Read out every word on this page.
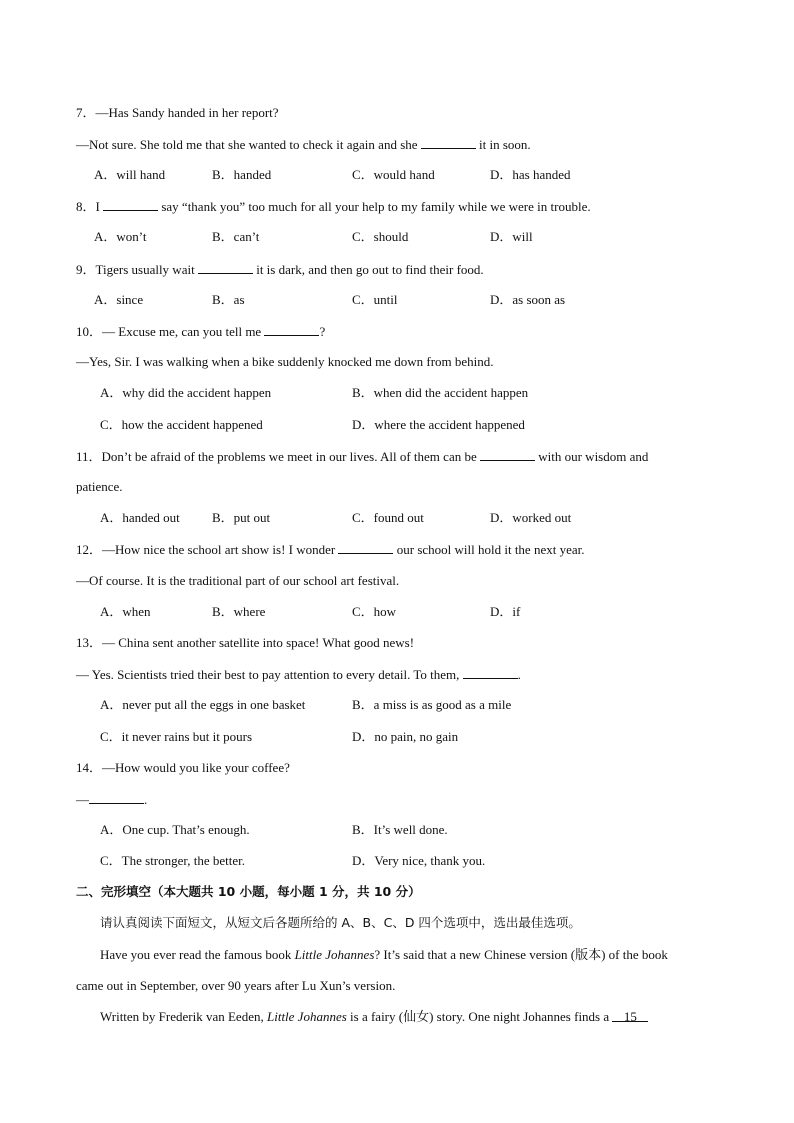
7．—Has Sandy handed in her report?
—Not sure. She told me that she wanted to check it again and she	it in soon.
A．will hand	B．handed	C．would hand	D．has handed
8．I	say “thank you” too much for all your help to my family while we were in trouble.
A．won’t	B．can’t	C．should	D．will
9．Tigers usually wait	it is dark, and then go out to find their food.
A．since	B．as	C．until	D．as soon as
10．— Excuse me, can you tell me	?
—Yes, Sir. I was walking when a bike suddenly knocked me down from behind.
A．why did the accident happen	B．when did the accident happen
C．how the accident happened	D．where the accident happened
11．Don’t be afraid of the problems we meet in our lives. All of them can be	with our wisdom and
patience.
A．handed out B．put out	C．found out	D．worked out
12．—How nice the school art show is! I wonder	our school will hold it the next year.
—Of course. It is the traditional part of our school art festival.
A．when	B．where	C．how	D．if
13．— China sent another satellite into space! What good news!
— Yes. Scientists tried their best to pay attention to every detail. To them,	.
A．never put all the eggs in one basket	B．a miss is as good as a mile
C．it never rains but it pours	D．no pain, no gain
14．—How would you like your coffee?
—	.
A．One cup. That’s enough.	B．It’s well done.
C．The stronger, the better.	D．Very nice, thank you.
二、完形填空（本大题共 10 小题，每小题 1 分，共 10 分）
请认真阅读下面短文，从短文后各题所给的 A、B、C、D 四个选项中，选出最佳选项。
Have you ever read the famous book Little Johannes? It’s said that a new Chinese version (版本) of the book
came out in September, over 90 years after Lu Xun’s version.
Written by Frederik van Eeden, Little Johannes is a fairy (仙女) story. One night Johannes finds a 15
